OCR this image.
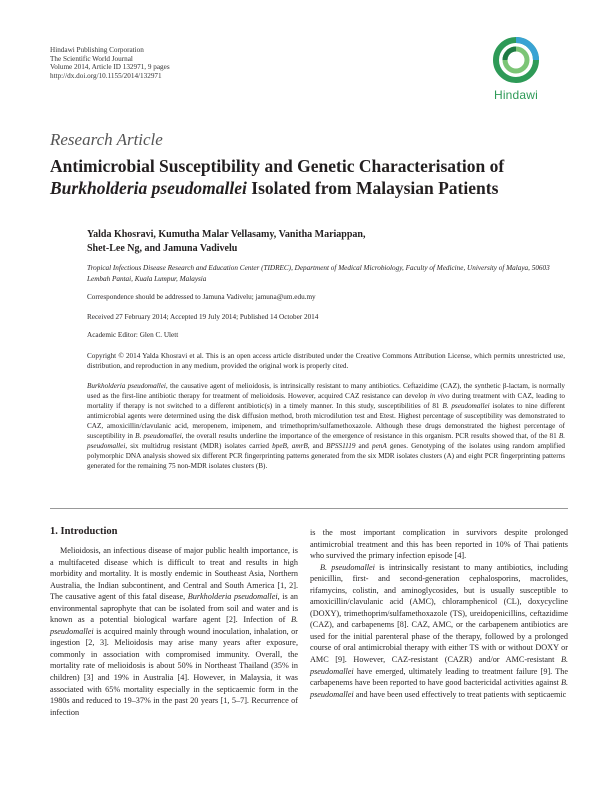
Hindawi Publishing Corporation
The Scientific World Journal
Volume 2014, Article ID 132971, 9 pages
http://dx.doi.org/10.1155/2014/132971
Hindawi
Research Article
Antimicrobial Susceptibility and Genetic Characterisation of
Burkholderia pseudomallei Isolated from Malaysian Patients
Yalda Khosravi, Kumutha Malar Vellasamy, Vanitha Mariappan,
Shet-Lee Ng, and Jamuna Vadivelu
Tropical Infectious Disease Research and Education Center (TIDREC), Department of Medical Microbiology, Faculty of Medicine, University of Malaya, 50603 Lembah Pantai, Kuala Lumpur, Malaysia
Correspondence should be addressed to Jamuna Vadivelu; jamuna@um.edu.my
Received 27 February 2014; Accepted 19 July 2014; Published 14 October 2014
Academic Editor: Glen C. Ulett
Copyright © 2014 Yalda Khosravi et al. This is an open access article distributed under the Creative Commons Attribution License, which permits unrestricted use, distribution, and reproduction in any medium, provided the original work is properly cited.
Burkholderia pseudomallei, the causative agent of melioidosis, is intrinsically resistant to many antibiotics. Ceftazidime (CAZ), the synthetic β-lactam, is normally used as the first-line antibiotic therapy for treatment of melioidosis. However, acquired CAZ resistance can develop in vivo during treatment with CAZ, leading to mortality if therapy is not switched to a different antibiotic(s) in a timely manner. In this study, susceptibilities of 81 B. pseudomallei isolates to nine different antimicrobial agents were determined using the disk diffusion method, broth microdilution test and Etest. Highest percentage of susceptibility was demonstrated to CAZ, amoxicillin/clavulanic acid, meropenem, imipenem, and trimethoprim/sulfamethoxazole. Although these drugs demonstrated the highest percentage of susceptibility in B. pseudomallei, the overall results underline the importance of the emergence of resistance in this organism. PCR results showed that, of the 81 B. pseudomallei, six multidrug resistant (MDR) isolates carried bpeB, amrB, and BPSS1119 and penA genes. Genotyping of the isolates using random amplified polymorphic DNA analysis showed six different PCR fingerprinting patterns generated from the six MDR isolates clusters (A) and eight PCR fingerprinting patterns generated for the remaining 75 non-MDR isolates clusters (B).
1. Introduction

Melioidosis, an infectious disease of major public health importance, is a multifaceted disease which is difficult to treat and results in high morbidity and mortality. It is mostly endemic in Southeast Asia, Northern Australia, the Indian subcontinent, and Central and South America [1, 2]. The causative agent of this fatal disease, Burkholderia pseudomallei, is an environmental saprophyte that can be isolated from soil and water and is known as a potential biological warfare agent [2]. Infection of B. pseudomallei is acquired mainly through wound inoculation, inhalation, or ingestion [2, 3]. Melioidosis may arise many years after exposure, commonly in association with compromised immunity. Overall, the mortality rate of melioidosis is about 50% in Northeast Thailand (35% in children) [3] and 19% in Australia [4]. However, in Malaysia, it was associated with 65% mortality especially in the septicaemic form in the 1980s and reduced to 19–37% in the past 20 years [1, 5–7]. Recurrence of infection

is the most important complication in survivors despite prolonged antimicrobial treatment and this has been reported in 10% of Thai patients who survived the primary infection episode [4].

B. pseudomallei is intrinsically resistant to many antibiotics, including penicillin, first- and second-generation cephalosporins, macrolides, rifamycins, colistin, and aminoglycosides, but is usually susceptible to amoxicillin/clavulanic acid (AMC), chloramphenicol (CL), doxycycline (DOXY), trimethoprim/sulfamethoxazole (TS), ureidopenicillins, ceftazidime (CAZ), and carbapenems [8]. CAZ, AMC, or the carbapenem antibiotics are used for the initial parenteral phase of the therapy, followed by a prolonged course of oral antimicrobial therapy with either TS with or without DOXY or AMC [9]. However, CAZ-resistant (CAZR) and/or AMC-resistant B. pseudomallei have emerged, ultimately leading to treatment failure [9]. The carbapenems have been reported to have good bactericidal activities against B. pseudomallei and have been used effectively to treat patients with septicaemic
